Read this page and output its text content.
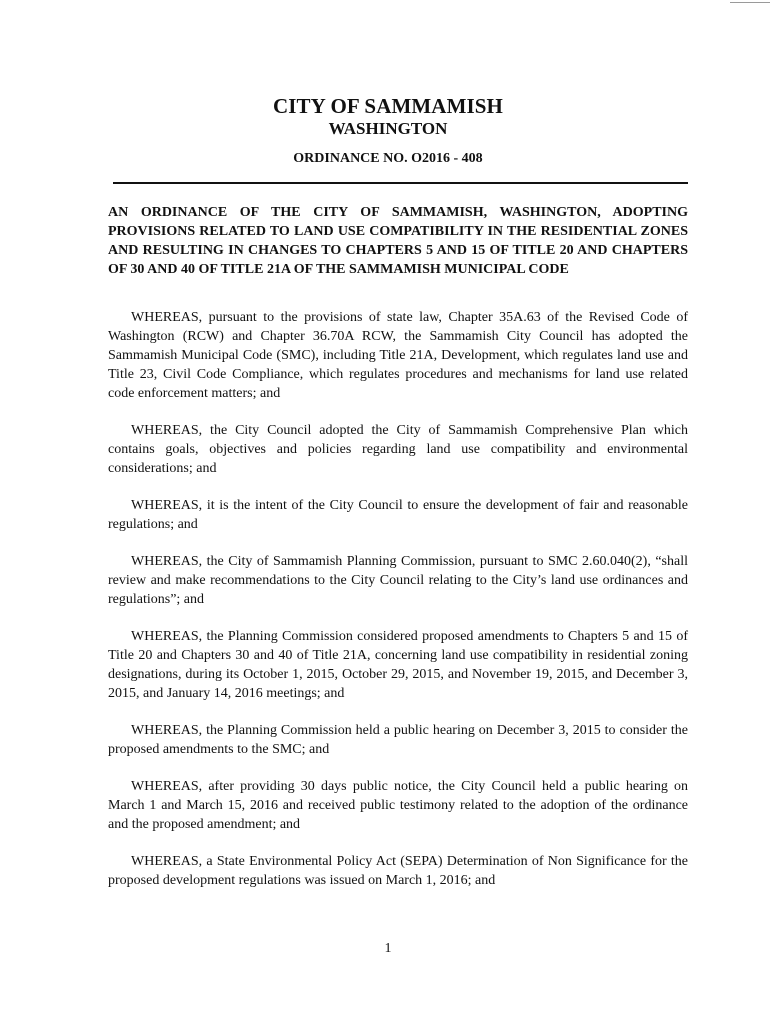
CITY OF SAMMAMISH
WASHINGTON
ORDINANCE NO. O2016 - 408
AN ORDINANCE OF THE CITY OF SAMMAMISH, WASHINGTON, ADOPTING PROVISIONS RELATED TO LAND USE COMPATIBILITY IN THE RESIDENTIAL ZONES AND RESULTING IN CHANGES TO CHAPTERS 5 AND 15 OF TITLE 20 AND CHAPTERS OF 30 AND 40 OF TITLE 21A OF THE SAMMAMISH MUNICIPAL CODE

WHEREAS, pursuant to the provisions of state law, Chapter 35A.63 of the Revised Code of Washington (RCW) and Chapter 36.70A RCW, the Sammamish City Council has adopted the Sammamish Municipal Code (SMC), including Title 21A, Development, which regulates land use and Title 23, Civil Code Compliance, which regulates procedures and mechanisms for land use related code enforcement matters; and

WHEREAS, the City Council adopted the City of Sammamish Comprehensive Plan which contains goals, objectives and policies regarding land use compatibility and environmental considerations; and

WHEREAS, it is the intent of the City Council to ensure the development of fair and reasonable regulations; and

WHEREAS, the City of Sammamish Planning Commission, pursuant to SMC 2.60.040(2), “shall review and make recommendations to the City Council relating to the City’s land use ordinances and regulations”; and

WHEREAS, the Planning Commission considered proposed amendments to Chapters 5 and 15 of Title 20 and Chapters 30 and 40 of Title 21A, concerning land use compatibility in residential zoning designations, during its October 1, 2015, October 29, 2015, and November 19, 2015, and December 3, 2015, and January 14, 2016 meetings; and

WHEREAS, the Planning Commission held a public hearing on December 3, 2015 to consider the proposed amendments to the SMC; and

WHEREAS, after providing 30 days public notice, the City Council held a public hearing on March 1 and March 15, 2016 and received public testimony related to the adoption of the ordinance and the proposed amendment; and

WHEREAS, a State Environmental Policy Act (SEPA) Determination of Non Significance for the proposed development regulations was issued on March 1, 2016; and

1
